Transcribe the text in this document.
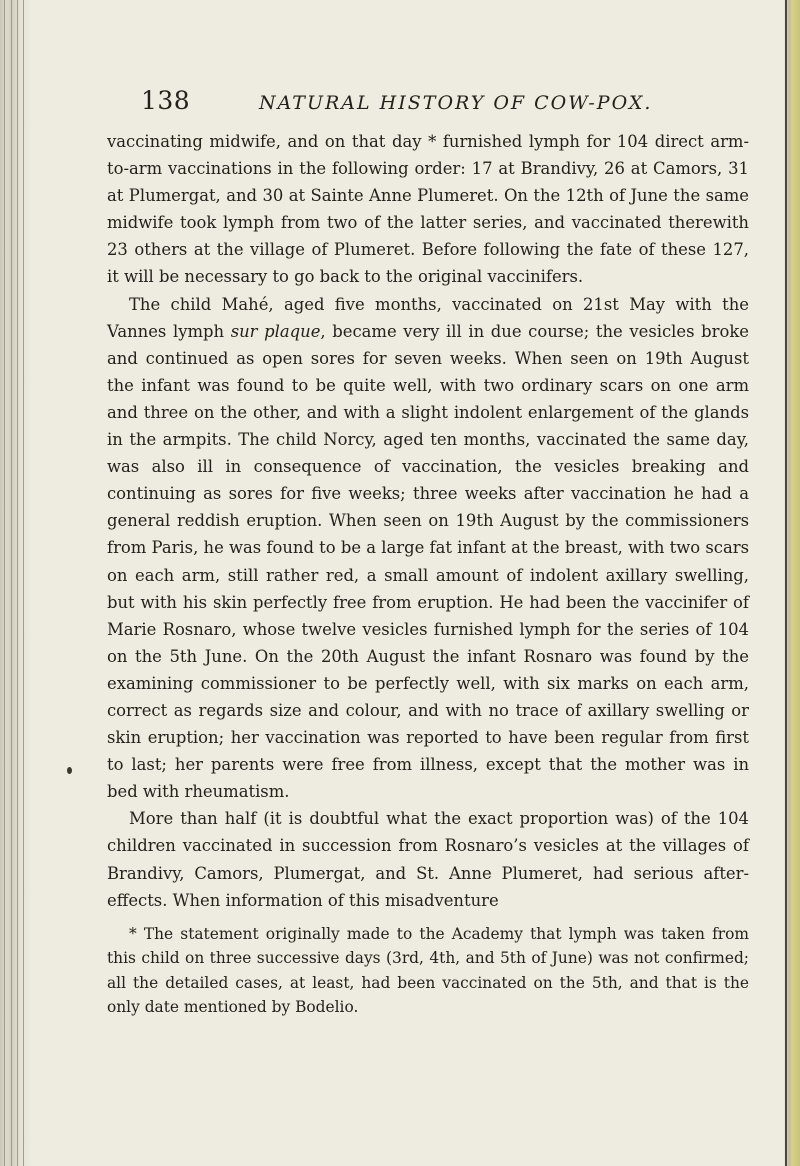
138	NATURAL HISTORY OF COW-POX.

vaccinating midwife, and on that day * furnished lymph for 104 direct arm-to-arm vaccinations in the following order: 17 at Brandivy, 26 at Camors, 31 at Plumergat, and 30 at Sainte Anne Plumeret. On the 12th of June the same midwife took lymph from two of the latter series, and vaccinated therewith 23 others at the village of Plumeret. Before following the fate of these 127, it will be necessary to go back to the original vaccinifers.

The child Mahé, aged five months, vaccinated on 21st May with the Vannes lymph sur plaque, became very ill in due course; the vesicles broke and continued as open sores for seven weeks. When seen on 19th August the infant was found to be quite well, with two ordinary scars on one arm and three on the other, and with a slight indolent enlargement of the glands in the armpits. The child Norcy, aged ten months, vaccinated the same day, was also ill in consequence of vaccination, the vesicles breaking and continuing as sores for five weeks; three weeks after vaccination he had a general reddish eruption. When seen on 19th August by the commissioners from Paris, he was found to be a large fat infant at the breast, with two scars on each arm, still rather red, a small amount of indolent axillary swelling, but with his skin perfectly free from eruption. He had been the vaccinifer of Marie Rosnaro, whose twelve vesicles furnished lymph for the series of 104 on the 5th June. On the 20th August the infant Rosnaro was found by the examining commissioner to be perfectly well, with six marks on each arm, correct as regards size and colour, and with no trace of axillary swelling or skin eruption; her vaccination was reported to have been regular from first to last; her parents were free from illness, except that the mother was in bed with rheumatism.

More than half (it is doubtful what the exact proportion was) of the 104 children vaccinated in succession from Rosnaro’s vesicles at the villages of Brandivy, Camors, Plumergat, and St. Anne Plumeret, had serious after-effects. When information of this misadventure

* The statement originally made to the Academy that lymph was taken from this child on three successive days (3rd, 4th, and 5th of June) was not confirmed; all the detailed cases, at least, had been vaccinated on the 5th, and that is the only date mentioned by Bodelio.
